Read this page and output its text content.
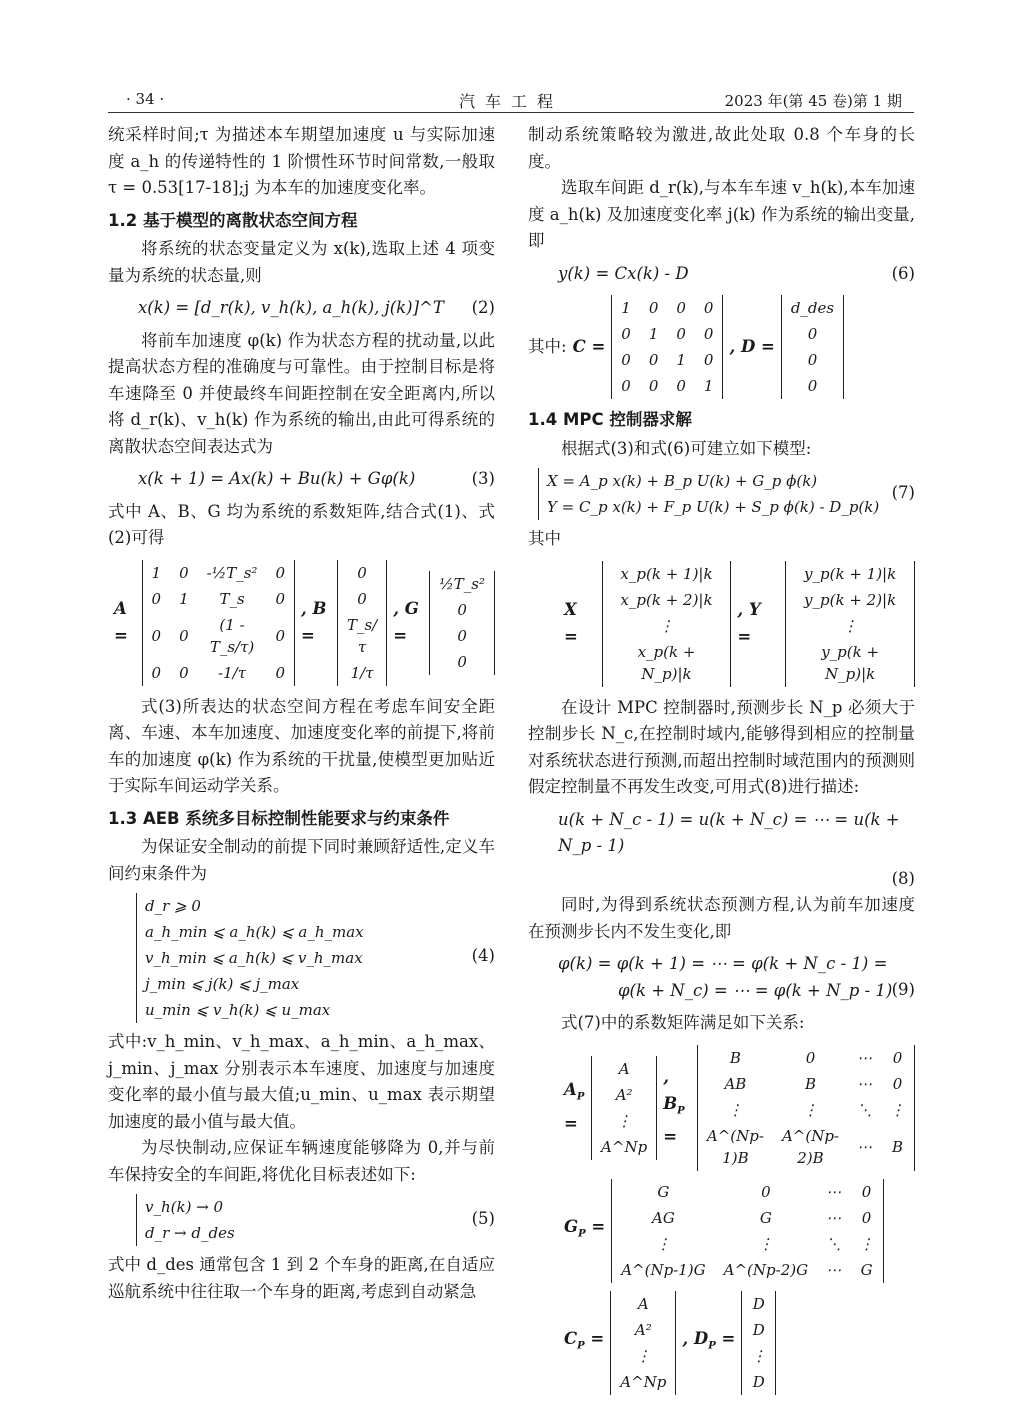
· 34 ·	汽车工程	2023 年(第 45 卷)第 1 期

统采样时间;τ 为描述本车期望加速度 u 与实际加速度 a_h 的传递特性的 1 阶惯性环节时间常数,一般取 τ = 0.53[17-18];j 为本车的加速度变化率。

1.2 基于模型的离散状态空间方程

将系统的状态变量定义为 x(k),选取上述 4 项变量为系统的状态量,则

x(k) = [d_r(k), v_h(k), a_h(k), j(k)]^T (2)

将前车加速度 φ(k) 作为状态方程的扰动量,以此提高状态方程的准确度与可靠性。由于控制目标是将车速降至 0 并使最终车间距控制在安全距离内,所以将 d_r(k)、v_h(k) 作为系统的输出,由此可得系统的离散状态空间表达式为

x(k + 1) = Ax(k) + Bu(k) + Gφ(k)	(3)

式中 A、B、G 均为系统的系数矩阵,结合式(1)、式(2)可得

A =
1	0	-½T_s²	0
0	1	T_s	0
0	0	(1 - T_s/τ)	0
0	0	-1/τ	0
, B =
0
0
T_s/τ
1/τ
, G =
½T_s²
0
0
0

式(3)所表达的状态空间方程在考虑车间安全距离、车速、本车加速度、加速度变化率的前提下,将前车的加速度 φ(k) 作为系统的干扰量,使模型更加贴近于实际车间运动学关系。

1.3 AEB 系统多目标控制性能要求与约束条件

为保证安全制动的前提下同时兼顾舒适性,定义车间约束条件为

d_r ⩾ 0
a_h_min ⩽ a_h(k) ⩽ a_h_max
v_h_min ⩽ a_h(k) ⩽ v_h_max
j_min ⩽ j(k) ⩽ j_max
u_min ⩽ v_h(k) ⩽ u_max
(4)

式中:v_h_min、v_h_max、a_h_min、a_h_max、j_min、j_max 分别表示本车速度、加速度与加速度变化率的最小值与最大值;u_min、u_max 表示期望加速度的最小值与最大值。

为尽快制动,应保证车辆速度能够降为 0,并与前车保持安全的车间距,将优化目标表述如下:

v_h(k) → 0
d_r → d_des
(5)

式中 d_des 通常包含 1 到 2 个车身的距离,在自适应巡航系统中往往取一个车身的距离,考虑到自动紧急

制动系统策略较为激进,故此处取 0.8 个车身的长度。

选取车间距 d_r(k),与本车车速 v_h(k),本车加速度 a_h(k) 及加速度变化率 j(k) 作为系统的输出变量,即

y(k) = Cx(k) - D	(6)
其中: C =
1	0	0	0
0	1	0	0
0	0	1	0
0	0	0	1
, D =
d_des
0
0
0
1.4 MPC 控制器求解

根据式(3)和式(6)可建立如下模型:

X = A_p x(k) + B_p U(k) + G_p ϕ(k)
Y = C_p x(k) + F_p U(k) + S_p ϕ(k) - D_p(k)
(7)

其中

X =
x_p(k + 1)|k
x_p(k + 2)|k
⋮
x_p(k + N_p)|k
, Y =
y_p(k + 1)|k
y_p(k + 2)|k
⋮
y_p(k + N_p)|k

在设计 MPC 控制器时,预测步长 N_p 必须大于控制步长 N_c,在控制时域内,能够得到相应的控制量对系统状态进行预测,而超出控制时域范围内的预测则假定控制量不再发生改变,可用式(8)进行描述:

u(k + N_c - 1) = u(k + N_c) = ⋯ = u(k + N_p - 1)
(8)

同时,为得到系统状态预测方程,认为前车加速度在预测步长内不发生变化,即

φ(k) = φ(k + 1) = ⋯ = φ(k + N_c - 1) =
φ(k + N_c) = ⋯ = φ(k + N_p - 1) (9)

式(7)中的系数矩阵满足如下关系:

$A_P$ =
A
A²
⋮
A^Np
, $B_P$ =
B	0	⋯	0
AB	B	⋯	0
⋮	⋮	⋱	⋮
A^(Np-1)B	A^(Np-2)B	⋯	B
$G_P$ =
G	0	⋯	0
AG	G	⋯	0
⋮	⋮	⋱	⋮
A^(Np-1)G	A^(Np-2)G	⋯	G
$C_P$ =
A
A²
⋮
A^Np
, $D_P$ =
D
D
⋮
D
